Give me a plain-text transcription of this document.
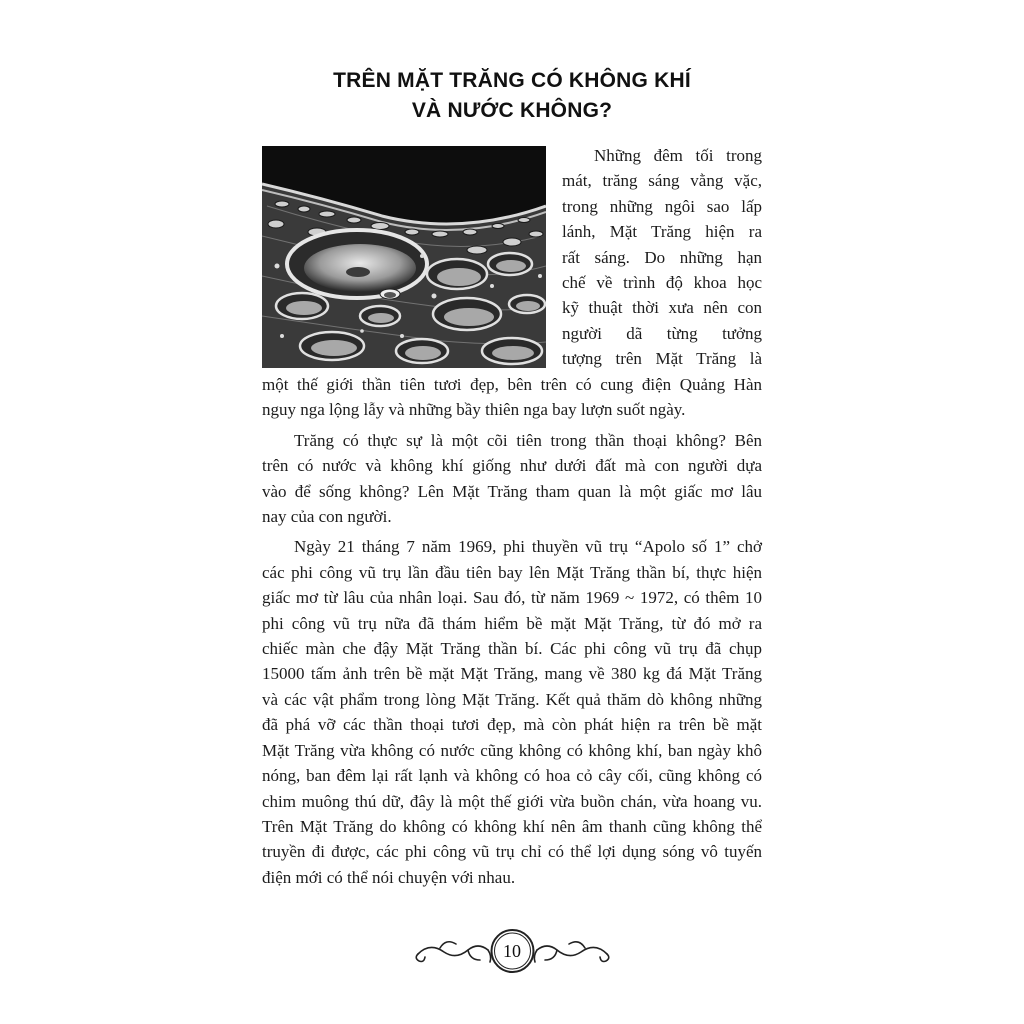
TRÊN MẶT TRĂNG CÓ KHÔNG KHÍ
VÀ NƯỚC KHÔNG?
Những đêm tối trong
mát, trăng sáng vằng vặc,
trong những ngôi sao lấp
lánh, Mặt Trăng hiện ra
rất sáng. Do những hạn
chế về trình độ khoa học
kỹ thuật thời xưa nên con
người dã từng tưởng
tượng trên Mặt Trăng là
một thế giới thần tiên tươi đẹp, bên trên có cung điện Quảng Hàn
nguy nga lộng lẫy và những bầy thiên nga bay lượn suốt ngày.
Trăng có thực sự là một cõi tiên trong thần thoại không? Bên
trên có nước và không khí giống như dưới đất mà con người dựa
vào để sống không? Lên Mặt Trăng tham quan là một giấc mơ lâu
nay của con người.
Ngày 21 tháng 7 năm 1969, phi thuyền vũ trụ “Apolo số 1” chở
các phi công vũ trụ lần đầu tiên bay lên Mặt Trăng thần bí, thực hiện
giấc mơ từ lâu của nhân loại. Sau đó, từ năm 1969 ~ 1972, có thêm 10
phi công vũ trụ nữa đã thám hiểm bề mặt Mặt Trăng, từ đó mở ra
chiếc màn che đậy Mặt Trăng thần bí. Các phi công vũ trụ đã chụp
15000 tấm ảnh trên bề mặt Mặt Trăng, mang về 380 kg đá Mặt Trăng
và các vật phẩm trong lòng Mặt Trăng. Kết quả thăm dò không những
đã phá vỡ các thần thoại tươi đẹp, mà còn phát hiện ra trên bề mặt
Mặt Trăng vừa không có nước cũng không có không khí, ban ngày khô
nóng, ban đêm lại rất lạnh và không có hoa cỏ cây cối, cũng không có
chim muông thú dữ, đây là một thế giới vừa buồn chán, vừa hoang vu.
Trên Mặt Trăng do không có không khí nên âm thanh cũng không thể
truyền đi được, các phi công vũ trụ chỉ có thể lợi dụng sóng vô tuyến
điện mới có thể nói chuyện với nhau.
10
